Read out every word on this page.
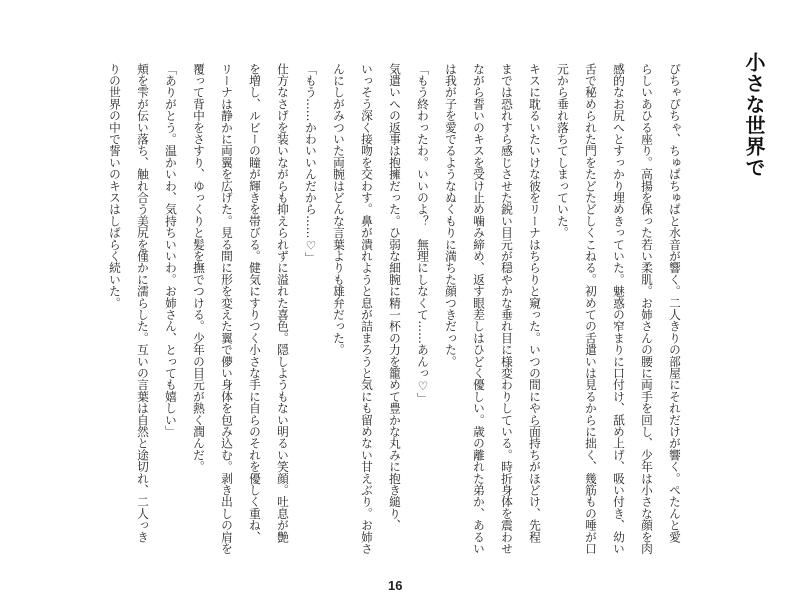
小さな世界で

ぴちゃぴちゃ、ちゅぱちゅぱと水音が響く。二人きりの部屋にそれだけが響く。ぺたんと愛

らしいあひる座り。高揚を保った若い柔肌。お姉さんの腰に両手を回し、少年は小さな顔を肉

感的なお尻へとすっかり埋めきっていた。魅惑の窄まりに口付け、舐め上げ、吸い付き、幼い

舌で秘められた門をたどたどしくこねる。初めての舌遣いは見るからに拙く、幾筋もの唾が口

元から垂れ落ちてしまっていた。

キスに耽るいたいけな彼をリーナはちらりと窺った。いつの間にやら面持ちがほどけ、先程

までは恐れすら感じさせた鋭い目元が穏やかな垂れ目に様変わりしている。時折身体を震わせ

ながら誓いのキスを受け止め噛み締め、返す眼差しはひどく優しい。歳の離れた弟か、あるい

は我が子を愛でるようなぬくもりに満ちた顔つきだった。

「もう終わったわ。いいのよ？　無理にしなくて……あんっ♡」

気遣いへの返事は抱擁だった。ひ弱な細腕に精一杯の力を籠めて豊かな丸みに抱き縋り、

いっそう深く接吻を交わす。鼻が潰れようと息が詰まろうと気にも留めない甘えぶり。お姉さ

んにしがみついた両腕はどんな言葉よりも雄弁だった。

「もう……かわいいんだから……♡」

仕方なさげを装いながらも抑えられずに溢れた喜色。隠しようもない明るい笑顔。吐息が艶

を増し、ルビーの瞳が輝きを帯びる。健気にすりつく小さな手に自らのそれを優しく重ね、

リーナは静かに両翼を広げた。見る間に形を変えた翼で儚い身体を包み込む。剥き出しの肩を

覆って背中をさすり、ゆっくりと髪を撫でつける。少年の目元が熱く潤んだ。

「ありがとう。温かいわ、気持ちいいわ。お姉さん、とっても嬉しい」

頬を雫が伝い落ち、触れ合う美尻を僅かに濡らした。互いの言葉は自然と途切れ、二人っき

りの世界の中で誓いのキスはしばらく続いた。

16
